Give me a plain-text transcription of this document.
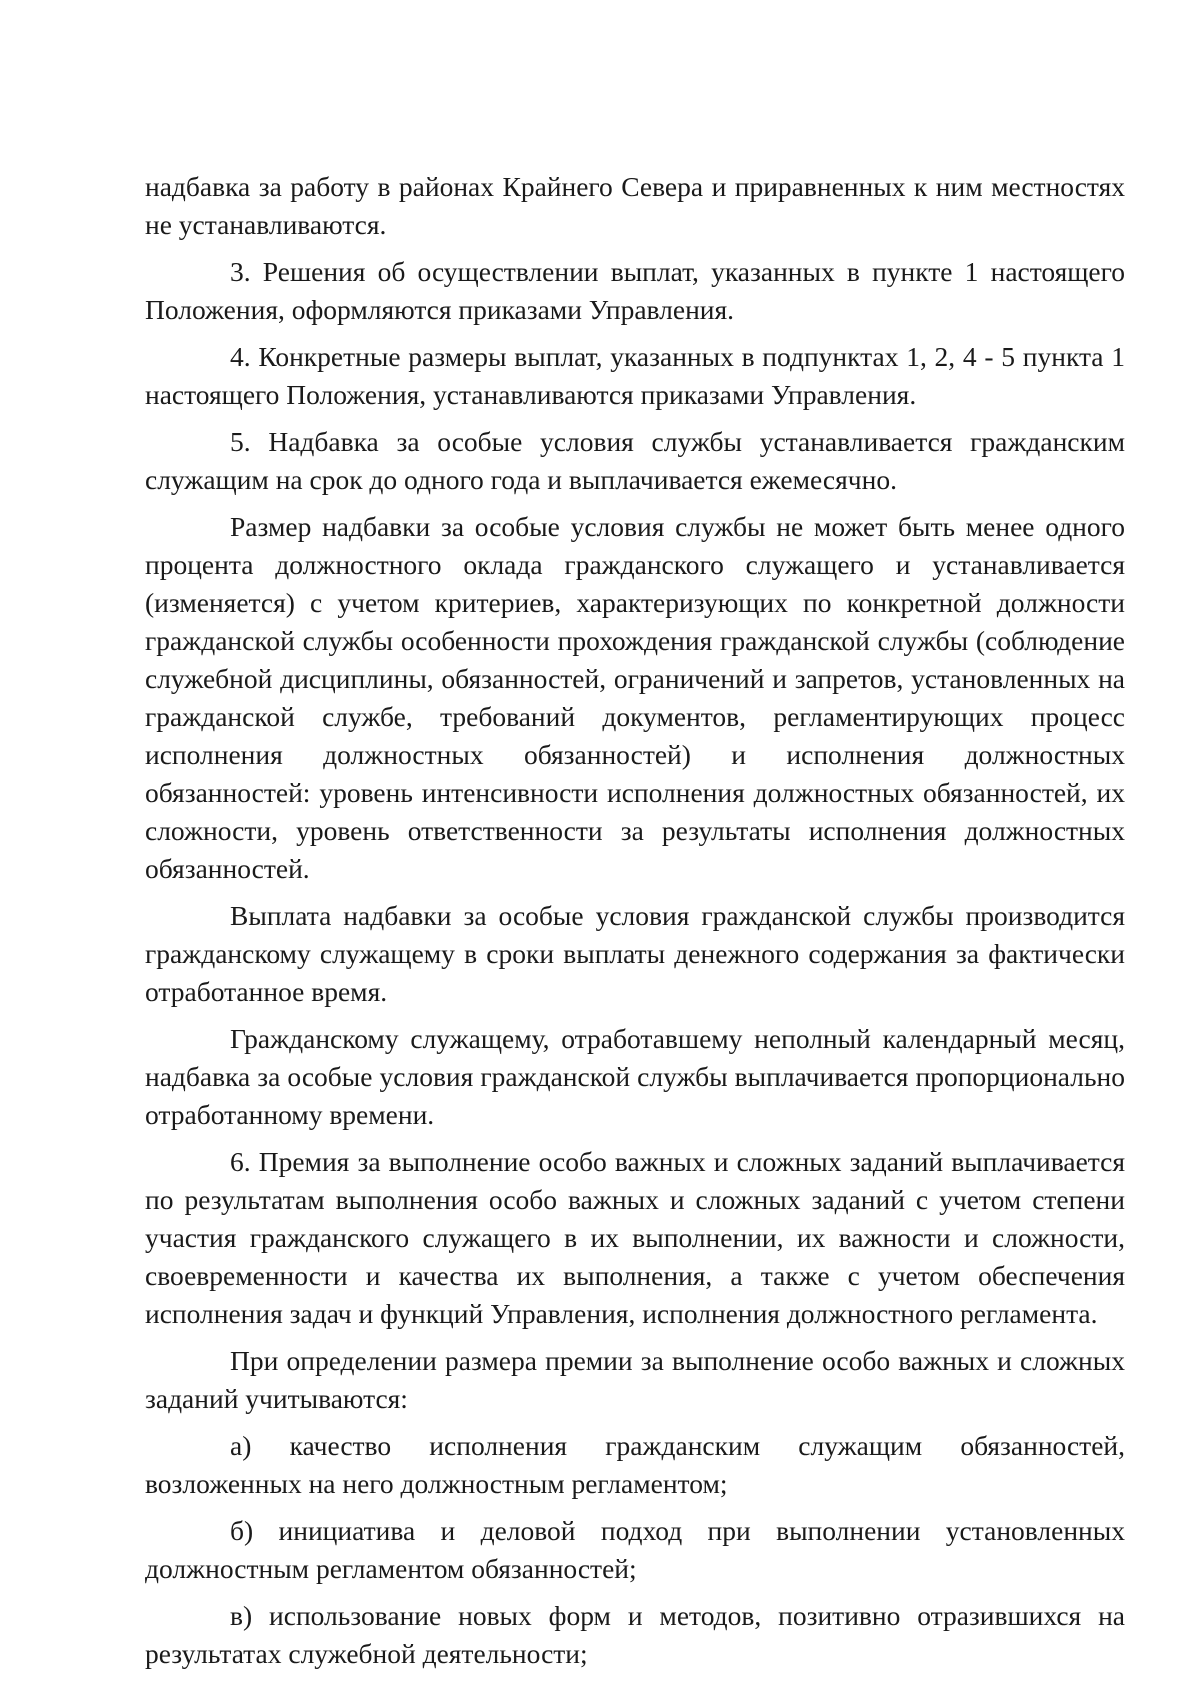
надбавка за работу в районах Крайнего Севера и приравненных к ним местностях не устанавливаются.

3. Решения об осуществлении выплат, указанных в пункте 1 настоящего Положения, оформляются приказами Управления.

4. Конкретные размеры выплат, указанных в подпунктах 1, 2, 4 - 5 пункта 1 настоящего Положения, устанавливаются приказами Управления.

5. Надбавка за особые условия службы устанавливается гражданским служащим на срок до одного года и выплачивается ежемесячно.

Размер надбавки за особые условия службы не может быть менее одного процента должностного оклада гражданского служащего и устанавливается (изменяется) с учетом критериев, характеризующих по конкретной должности гражданской службы особенности прохождения гражданской службы (соблюдение служебной дисциплины, обязанностей, ограничений и запретов, установленных на гражданской службе, требований документов, регламентирующих процесс исполнения должностных обязанностей) и исполнения должностных обязанностей: уровень интенсивности исполнения должностных обязанностей, их сложности, уровень ответственности за результаты исполнения должностных обязанностей.

Выплата надбавки за особые условия гражданской службы производится гражданскому служащему в сроки выплаты денежного содержания за фактически отработанное время.

Гражданскому служащему, отработавшему неполный календарный месяц, надбавка за особые условия гражданской службы выплачивается пропорционально отработанному времени.

6. Премия за выполнение особо важных и сложных заданий выплачивается по результатам выполнения особо важных и сложных заданий с учетом степени участия гражданского служащего в их выполнении, их важности и сложности, своевременности и качества их выполнения, а также с учетом обеспечения исполнения задач и функций Управления, исполнения должностного регламента.

При определении размера премии за выполнение особо важных и сложных заданий учитываются:

а) качество исполнения гражданским служащим обязанностей, возложенных на него должностным регламентом;

б) инициатива и деловой подход при выполнении установленных должностным регламентом обязанностей;

в) использование новых форм и методов, позитивно отразившихся на результатах служебной деятельности;
